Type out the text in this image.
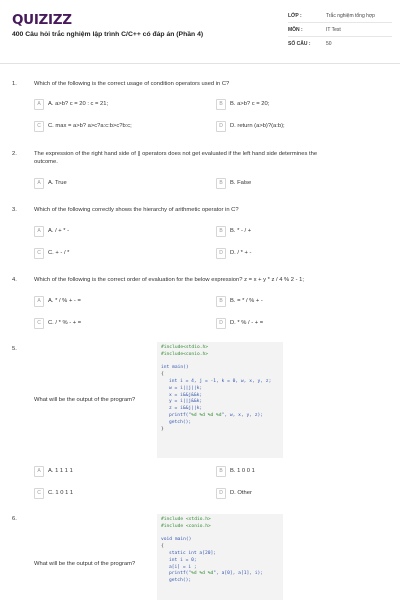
QUIZIZZ
400 Câu hỏi trắc nghiệm lập trình C/C++ có đáp án (Phần 4)
LỚP :	Trắc nghiệm tổng hợp
MÔN :	IT Test
SỐ CÂU :	50
1.	Which of the following is the correct usage of condition operators used in C?
A	A. a>b? c = 20 : c = 21;	B	B. a>b? c = 20;
C	C. max = a>b? a>c?a:c:b>c?b:c;	D	D. return (a>b)?(a:b);
2.	The expression of the right hand side of || operators does not get evaluated if the left hand side determines the
outcome.
A	A. True	B	B. False
3.	Which of the following correctly shows the hierarchy of arithmetic operator in C?
A	A. / + * -	B	B. * - / +
C	C. + - / *	D	D. / * + -
4.	Which of the following is the correct order of evaluation for the below expression? z = x + y * z / 4 % 2 - 1;
A	A. * / % + - =	B	B. = * / % + -
C	C. / * % - + =	D	D. * % / - + =
5.
What will be the output of the program?
#include<stdio.h>
#include<conio.h>

int main()
{
int i = 4, j = -1, k = 0, w, x, y, z;
w = i||j||k;
x = i&&j&&k;
y = i||j&&k;
z = i&&j||k;
printf("%d %d %d %d", w, x, y, z);
getch();
}
A	A. 1 1 1 1	B	B. 1 0 0 1
C	C. 1 0 1 1	D	D. Other
6.
What will be the output of the program?
#include <stdio.h>
#include <conio.h>

void main()
{
static int a[20];
int i = 0;
a[i] = i ;
printf("%d %d %d", a[0], a[1], i);
getch();
